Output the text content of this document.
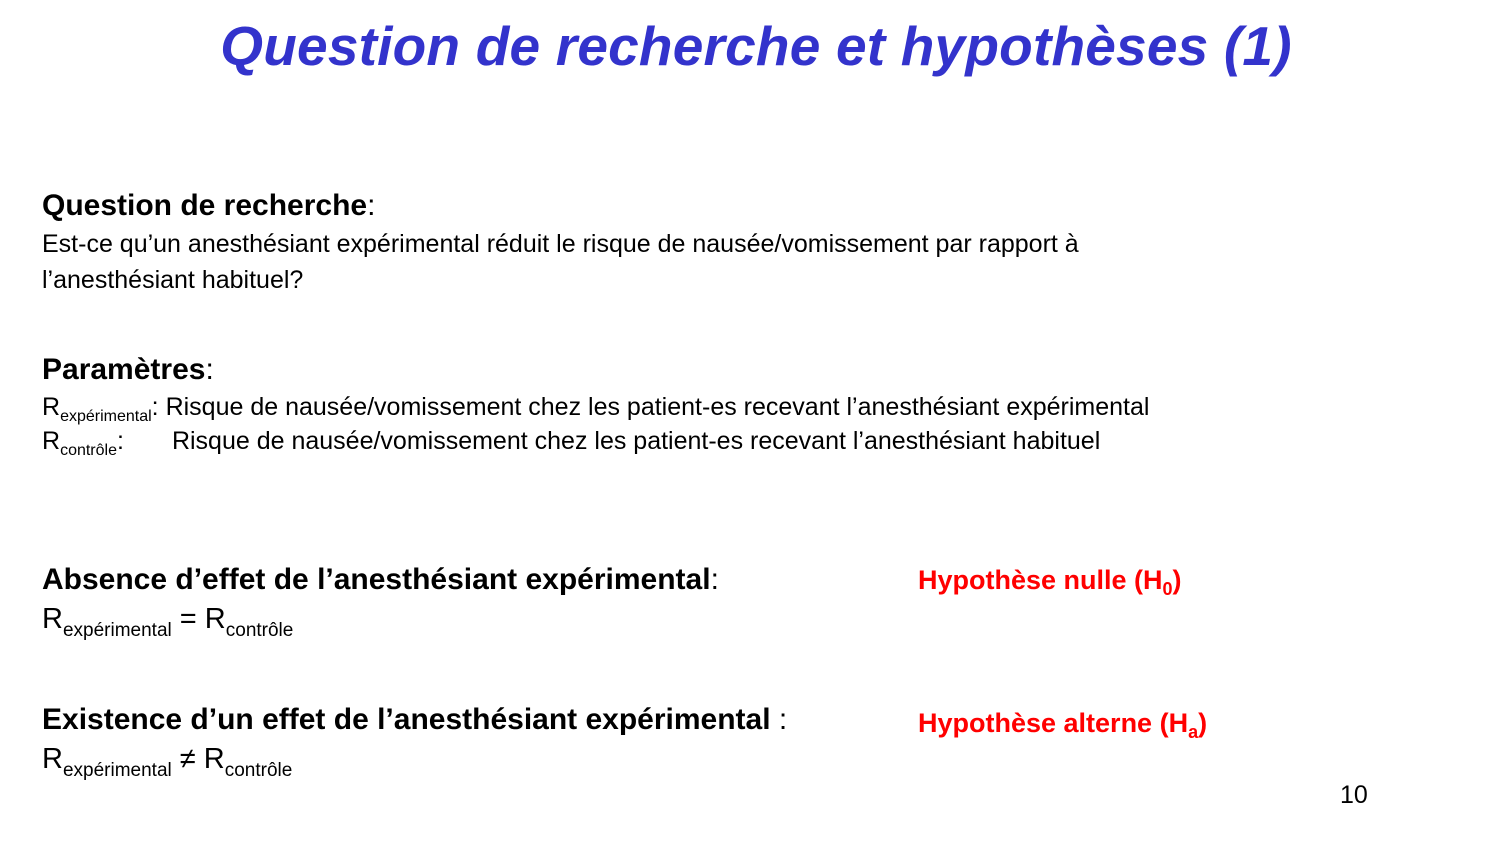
Question de recherche et hypothèses (1)
Question de recherche:
Est-ce qu’un anesthésiant expérimental réduit le risque de nausée/vomissement par rapport à
l’anesthésiant habituel?
Paramètres:
$R_{expérimental}$: Risque de nausée/vomissement chez les patient-es recevant l’anesthésiant expérimental
$R_{contrôle}$: Risque de nausée/vomissement chez les patient-es recevant l’anesthésiant habituel
Absence d’effet de l’anesthésiant expérimental:
$R_{expérimental} = R_{contrôle}$
Hypothèse nulle $(H_0)$
Existence d’un effet de l’anesthésiant expérimental :
$R_{expérimental} \ne R_{contrôle}$
Hypothèse alterne $(H_a)$
10
